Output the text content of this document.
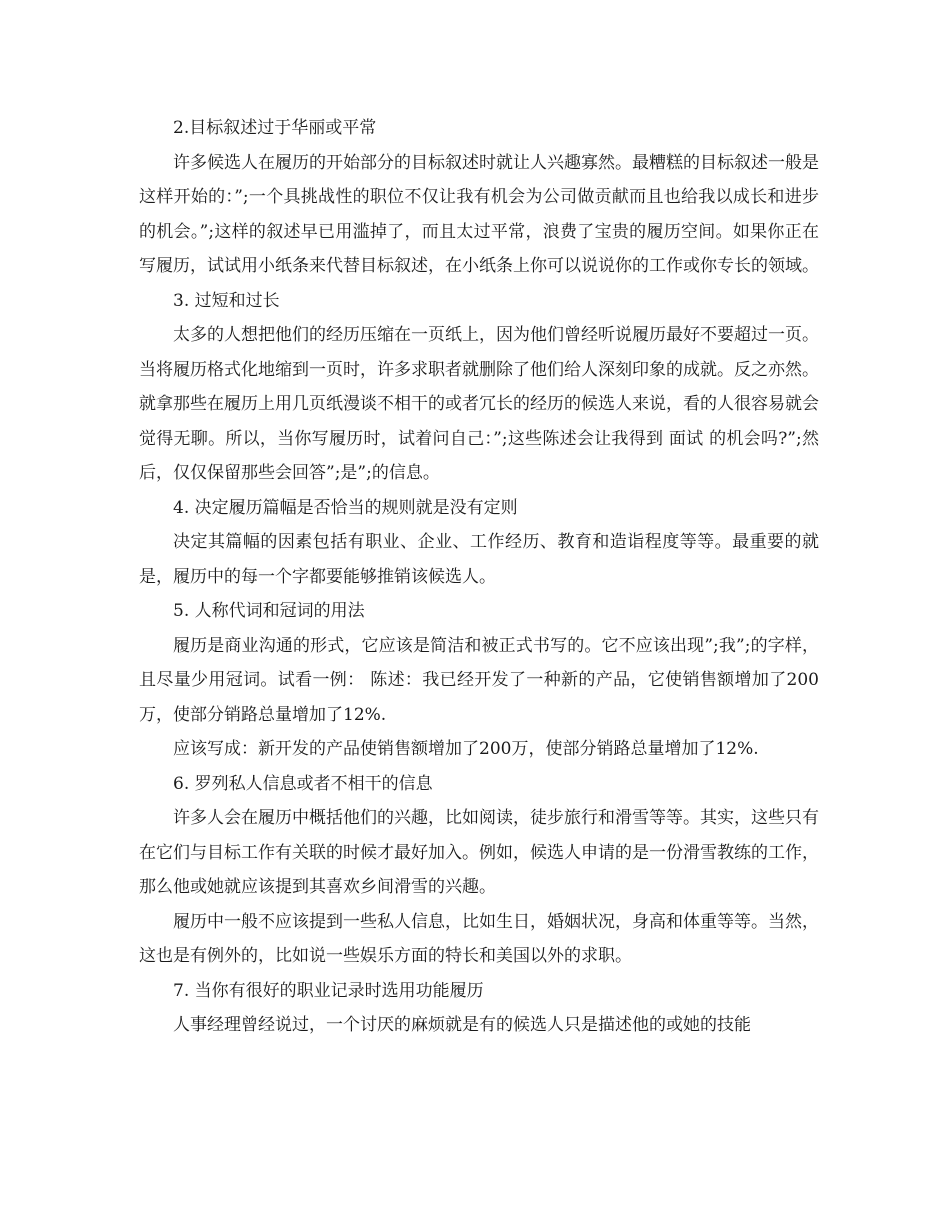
2.目标叙述过于华丽或平常

许多候选人在履历的开始部分的目标叙述时就让人兴趣寡然。最糟糕的目标叙述一般是这样开始的：”;一个具挑战性的职位不仅让我有机会为公司做贡献而且也给我以成长和进步的机会。”;这样的叙述早已用滥掉了，而且太过平常，浪费了宝贵的履历空间。如果你正在写履历，试试用小纸条来代替目标叙述，在小纸条上你可以说说你的工作或你专长的领域。

3. 过短和过长

太多的人想把他们的经历压缩在一页纸上，因为他们曾经听说履历最好不要超过一页。当将履历格式化地缩到一页时，许多求职者就删除了他们给人深刻印象的成就。反之亦然。就拿那些在履历上用几页纸漫谈不相干的或者冗长的经历的候选人来说，看的人很容易就会觉得无聊。所以，当你写履历时，试着问自己：”;这些陈述会让我得到 面试 的机会吗?”;然后，仅仅保留那些会回答”;是”;的信息。

4. 决定履历篇幅是否恰当的规则就是没有定则

决定其篇幅的因素包括有职业、企业、工作经历、教育和造诣程度等等。最重要的就是，履历中的每一个字都要能够推销该候选人。

5. 人称代词和冠词的用法

履历是商业沟通的形式，它应该是简洁和被正式书写的。它不应该出现”;我”;的字样，且尽量少用冠词。试看一例： 陈述：我已经开发了一种新的产品，它使销售额增加了200万，使部分销路总量增加了12%.

应该写成：新开发的产品使销售额增加了200万，使部分销路总量增加了12%.

6. 罗列私人信息或者不相干的信息

许多人会在履历中概括他们的兴趣，比如阅读，徒步旅行和滑雪等等。其实，这些只有在它们与目标工作有关联的时候才最好加入。例如，候选人申请的是一份滑雪教练的工作，那么他或她就应该提到其喜欢乡间滑雪的兴趣。

履历中一般不应该提到一些私人信息，比如生日，婚姻状况，身高和体重等等。当然，这也是有例外的，比如说一些娱乐方面的特长和美国以外的求职。

7. 当你有很好的职业记录时选用功能履历

人事经理曾经说过，一个讨厌的麻烦就是有的候选人只是描述他的或她的技能
